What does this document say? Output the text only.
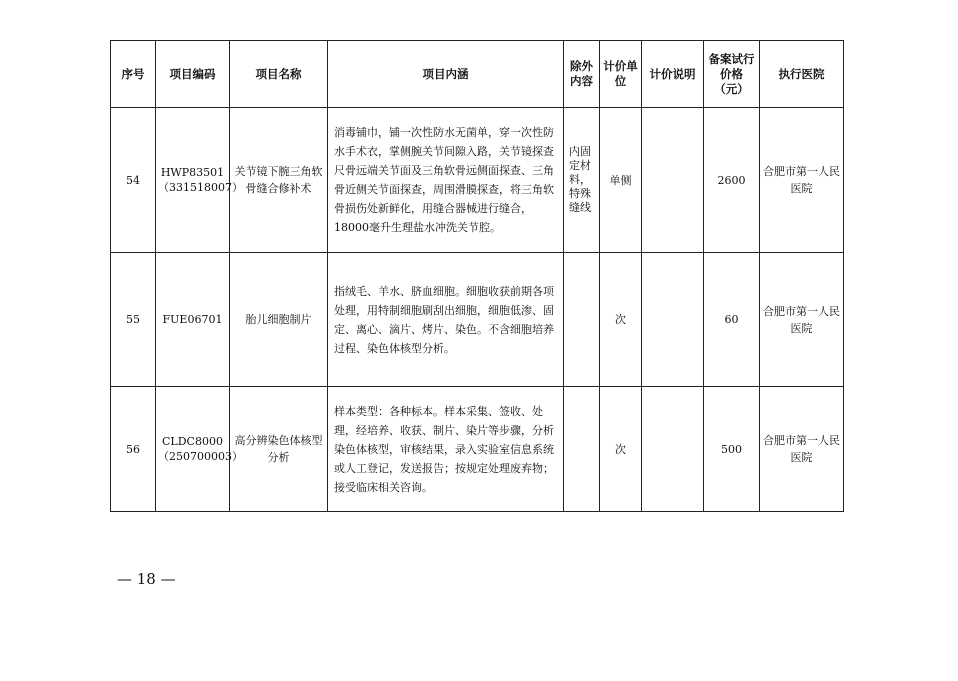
序号	项目编码	项目名称	项目内涵	除外内容	计价单位	计价说明	备案试行价格（元）	执行医院
54	HWP83501（331518007）	关节镜下腕三角软骨缝合修补术	消毒铺巾，铺一次性防水无菌单，穿一次性防水手术衣，掌侧腕关节间隙入路，关节镜探查尺骨远端关节面及三角软骨远侧面探查、三角骨近侧关节面探查，周围滑膜探查，将三角软骨损伤处新鲜化，用缝合器械进行缝合，18000毫升生理盐水冲洗关节腔。	内固定材料，特殊缝线	单侧		2600	合肥市第一人民医院
55	FUE06701	胎儿细胞制片	指绒毛、羊水、脐血细胞。细胞收获前期各项处理，用特制细胞刷刮出细胞，细胞低渗、固定、离心、滴片、烤片、染色。不含细胞培养过程、染色体核型分析。		次		60	合肥市第一人民医院
56	CLDC8000（250700003）	高分辨染色体核型分析	样本类型：各种标本。样本采集、签收、处理，经培养、收获、制片、染片等步骤，分析染色体核型，审核结果，录入实验室信息系统或人工登记，发送报告；按规定处理废弃物；接受临床相关咨询。		次		500	合肥市第一人民医院
— 18 —
